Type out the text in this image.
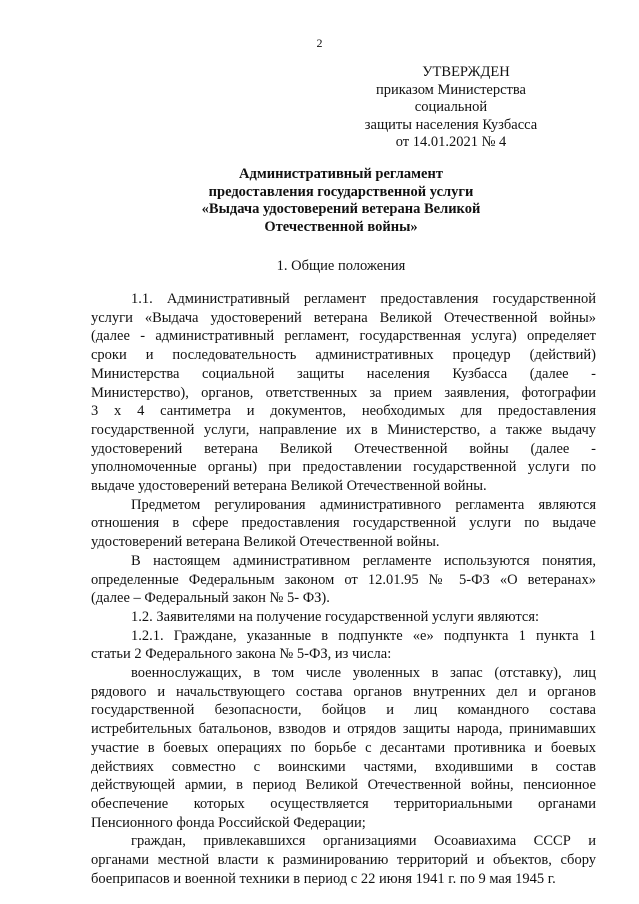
2
УТВЕРЖДЕН
приказом Министерства социальной
защиты населения Кузбасса
от 14.01.2021 № 4
Административный регламент
предоставления государственной услуги
«Выдача удостоверений ветерана Великой
Отечественной войны»
1. Общие положения

1.1. Административный регламент предоставления государственной

услуги «Выдача удостоверений ветерана Великой Отечественной войны»

(далее - административный регламент, государственная услуга) определяет

сроки и последовательность административных процедур (действий)

Министерства социальной защиты населения Кузбасса (далее -

Министерство), органов, ответственных за прием заявления, фотографии

3 х 4 сантиметра и документов, необходимых для предоставления

государственной услуги, направление их в Министерство, а также выдачу

удостоверений ветерана Великой Отечественной войны (далее -

уполномоченные органы) при предоставлении государственной услуги по

выдаче удостоверений ветерана Великой Отечественной войны.

Предметом регулирования административного регламента являются

отношения в сфере предоставления государственной услуги по выдаче

удостоверений ветерана Великой Отечественной войны.

В настоящем административном регламенте используются понятия,

определенные Федеральным законом от 12.01.95 № 5-ФЗ «О ветеранах»

(далее – Федеральный закон № 5- ФЗ).

1.2. Заявителями на получение государственной услуги являются:

1.2.1. Граждане, указанные в подпункте «е» подпункта 1 пункта 1

статьи 2 Федерального закона № 5-ФЗ, из числа:

военнослужащих, в том числе уволенных в запас (отставку), лиц

рядового и начальствующего состава органов внутренних дел и органов

государственной безопасности, бойцов и лиц командного состава

истребительных батальонов, взводов и отрядов защиты народа, принимавших

участие в боевых операциях по борьбе с десантами противника и боевых

действиях совместно с воинскими частями, входившими в состав

действующей армии, в период Великой Отечественной войны, пенсионное

обеспечение которых осуществляется территориальными органами

Пенсионного фонда Российской Федерации;

граждан, привлекавшихся организациями Осоавиахима СССР и

органами местной власти к разминированию территорий и объектов, сбору

боеприпасов и военной техники в период с 22 июня 1941 г. по 9 мая 1945 г.
